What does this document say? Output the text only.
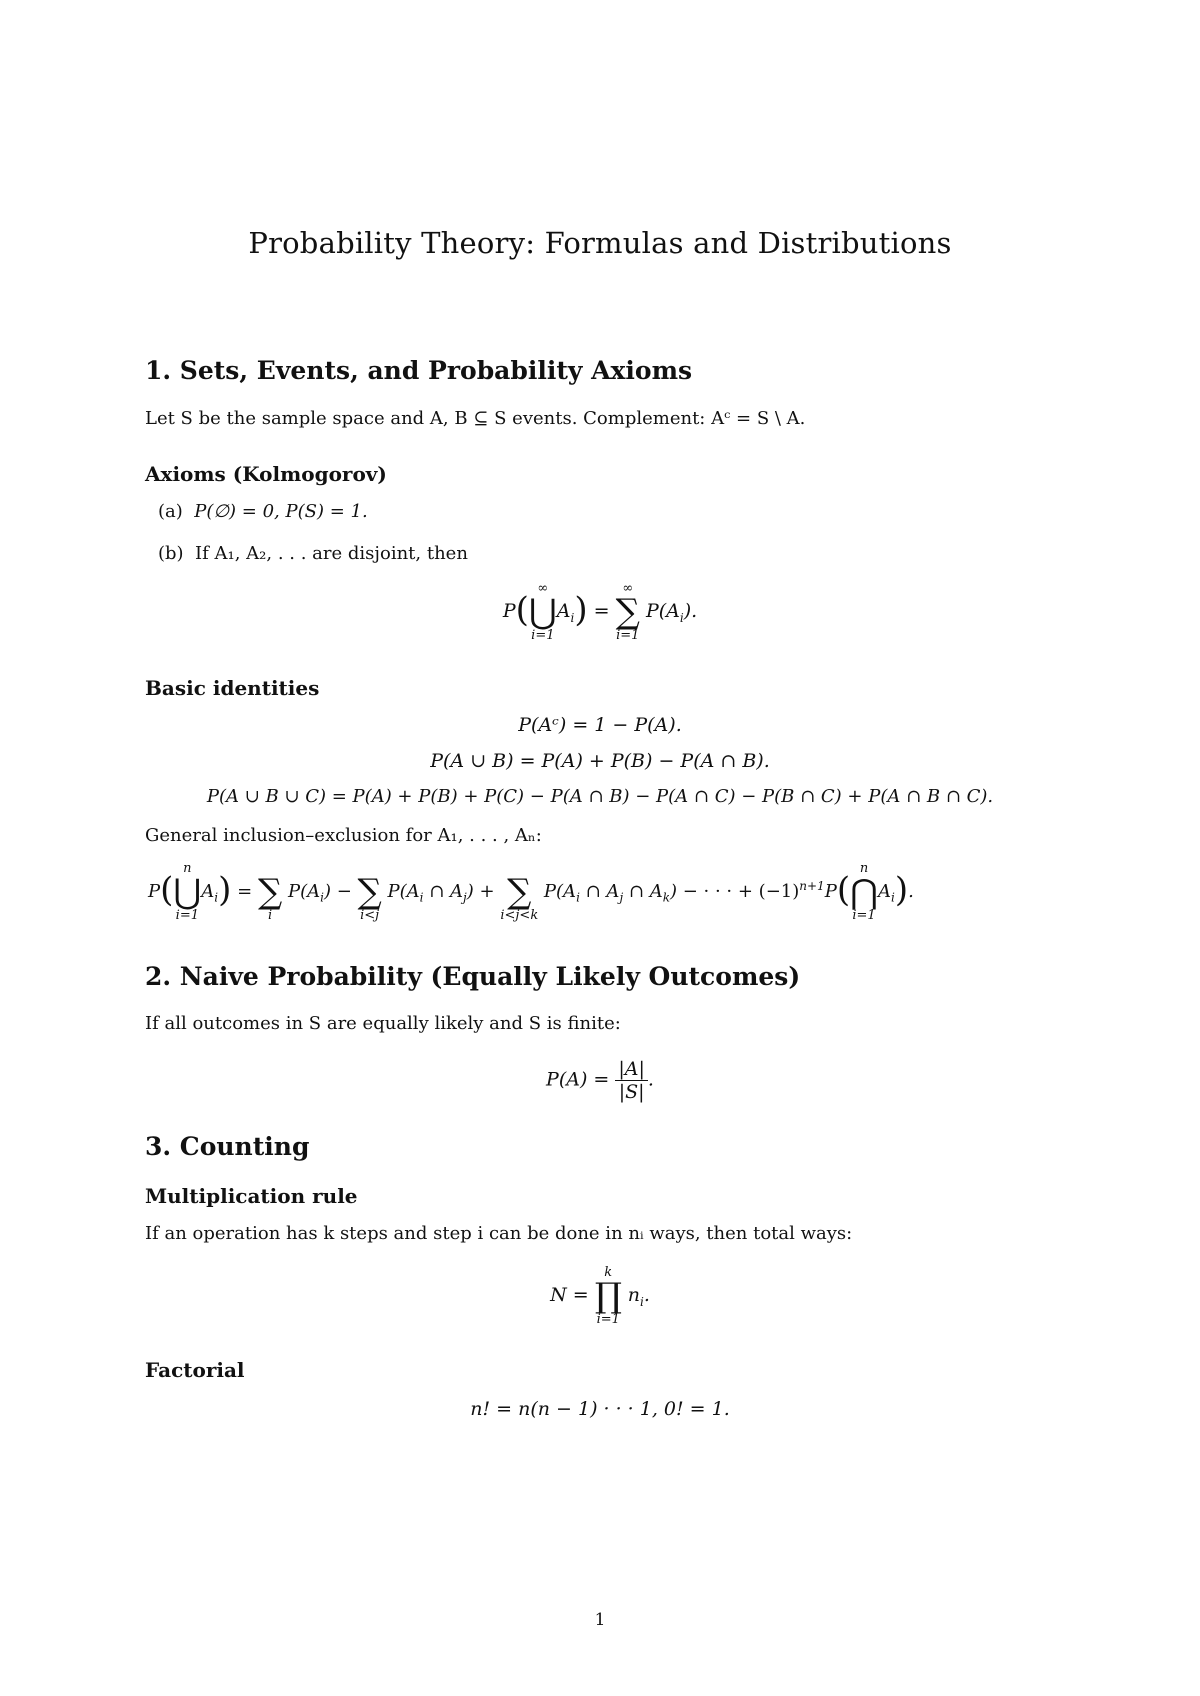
Probability Theory: Formulas and Distributions
1. Sets, Events, and Probability Axioms
Let S be the sample space and A, B ⊆ S events. Complement: Aᶜ = S \ A.
Axioms (Kolmogorov)
(a) P(∅) = 0, P(S) = 1.
(b) If A₁, A₂, . . . are disjoint, then
P(
∞
⋃
i=1
$A_i$) =
∞
∑
i=1
$P(A_i)$.
Basic identities
P(Aᶜ) = 1 − P(A).
P(A ∪ B) = P(A) + P(B) − P(A ∩ B).
P(A ∪ B ∪ C) = P(A) + P(B) + P(C) − P(A ∩ B) − P(A ∩ C) − P(B ∩ C) + P(A ∩ B ∩ C).
General inclusion–exclusion for A₁, . . . , Aₙ:
P(
n
⋃
i=1
$A_i$) =
∑
i
$P(A_i)$ −
∑
i<j
$P(A_i$ ∩ $A_j$) +
∑
i<j<k
$P(A_i$ ∩ $A_j$ ∩ $A_k$) − · · · + $(-1)^{n+1}P$(
n
⋂
i=1
$A_i$).
2. Naive Probability (Equally Likely Outcomes)
If all outcomes in S are equally likely and S is finite:
$P(A) = \frac{|A|}{|S|}$ .
3. Counting
Multiplication rule
If an operation has k steps and step i can be done in nᵢ ways, then total ways:
N =
k
∏
i=1
$n_i$.
Factorial
n! = n(n − 1) · · · 1, 0! = 1.
1
